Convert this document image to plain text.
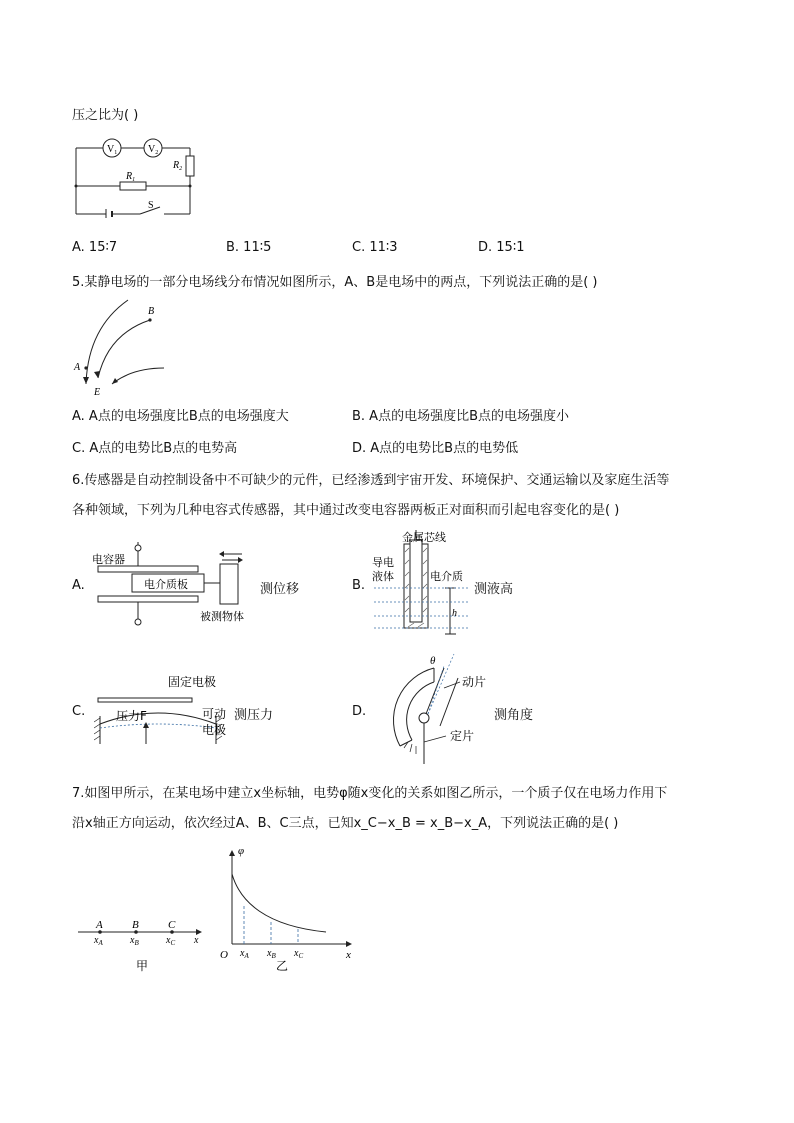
压之比为( )
$V_1$	$V_2$
$R_1$
$R_2$
S
A. 15∶7	B. 11∶5	C. 11∶3	D. 15∶1
5.某静电场的一部分电场线分布情况如图所示，A、B是电场中的两点，下列说法正确的是( )
A
B
E
A. A点的电场强度比B点的电场强度大	B. A点的电场强度比B点的电场强度小
C. A点的电势比B点的电势高	D. A点的电势比B点的电势低
6.传感器是自动控制设备中不可缺少的元件，已经渗透到宇宙开发、环境保护、交通运输以及家庭生活等
各种领域，下列为几种电容式传感器，其中通过改变电容器两板正对面积而引起电容变化的是( )
A.
电容器
电介质板
被测物体
测位移	B.
金属芯线
导电
液体	电介质
h
测液高
C.
固定电极
压力F	可动
电极
测压力	D.
θ
动片
定片
测角度
7.如图甲所示，在某电场中建立x坐标轴，电势φ随x变化的关系如图乙所示，一个质子仅在电场力作用下
沿x轴正方向运动，依次经过A、B、C三点，已知x_C−x_B = x_B−x_A，下列说法正确的是( )
A	B	C
$x_A$	$x_B$	$x_C$ x
甲
φ
O	x
$x_A$ $x_B$ $x_C$
乙
